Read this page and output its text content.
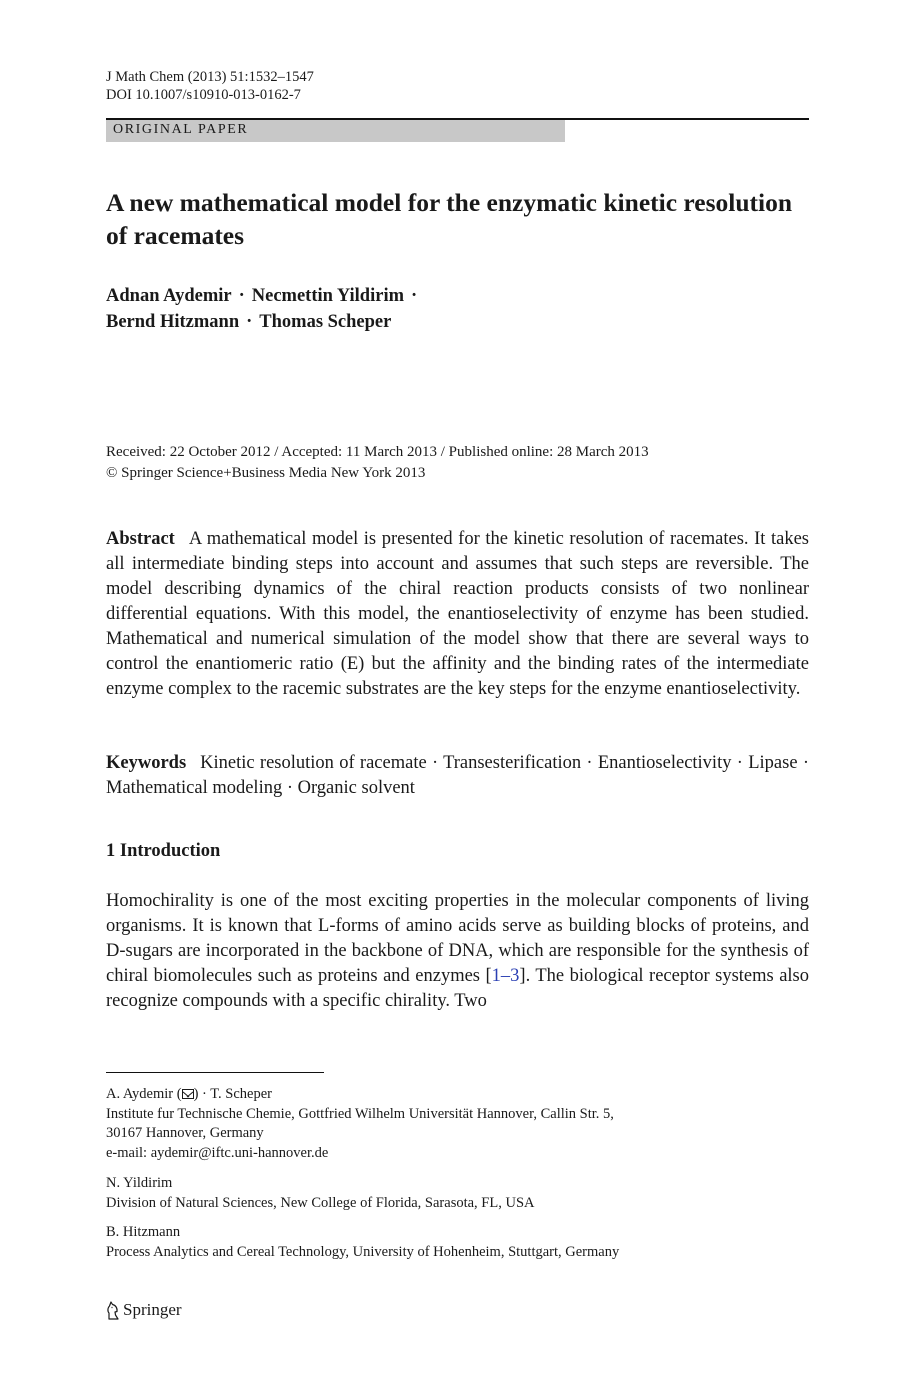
J Math Chem (2013) 51:1532–1547
DOI 10.1007/s10910-013-0162-7
ORIGINAL PAPER
A new mathematical model for the enzymatic kinetic resolution of racemates
Adnan Aydemir · Necmettin Yildirim ·
Bernd Hitzmann · Thomas Scheper
Received: 22 October 2012 / Accepted: 11 March 2013 / Published online: 28 March 2013
© Springer Science+Business Media New York 2013

Abstract A mathematical model is presented for the kinetic resolution of racemates. It takes all intermediate binding steps into account and assumes that such steps are reversible. The model describing dynamics of the chiral reaction products consists of two nonlinear differential equations. With this model, the enantioselectivity of enzyme has been studied. Mathematical and numerical simulation of the model show that there are several ways to control the enantiomeric ratio (E) but the affinity and the binding rates of the intermediate enzyme complex to the racemic substrates are the key steps for the enzyme enantioselectivity.

Keywords Kinetic resolution of racemate · Transesterification · Enantioselectivity · Lipase · Mathematical modeling · Organic solvent

1 Introduction

Homochirality is one of the most exciting properties in the molecular components of living organisms. It is known that L-forms of amino acids serve as building blocks of proteins, and D-sugars are incorporated in the backbone of DNA, which are responsible for the synthesis of chiral biomolecules such as proteins and enzymes [1–3]. The biological receptor systems also recognize compounds with a specific chirality. Two

A. Aydemir ( ) · T. Scheper
Institute fur Technische Chemie, Gottfried Wilhelm Universität Hannover, Callin Str. 5,
30167 Hannover, Germany
e-mail: aydemir@iftc.uni-hannover.de
N. Yildirim
Division of Natural Sciences, New College of Florida, Sarasota, FL, USA
B. Hitzmann
Process Analytics and Cereal Technology, University of Hohenheim, Stuttgart, Germany
Springer
